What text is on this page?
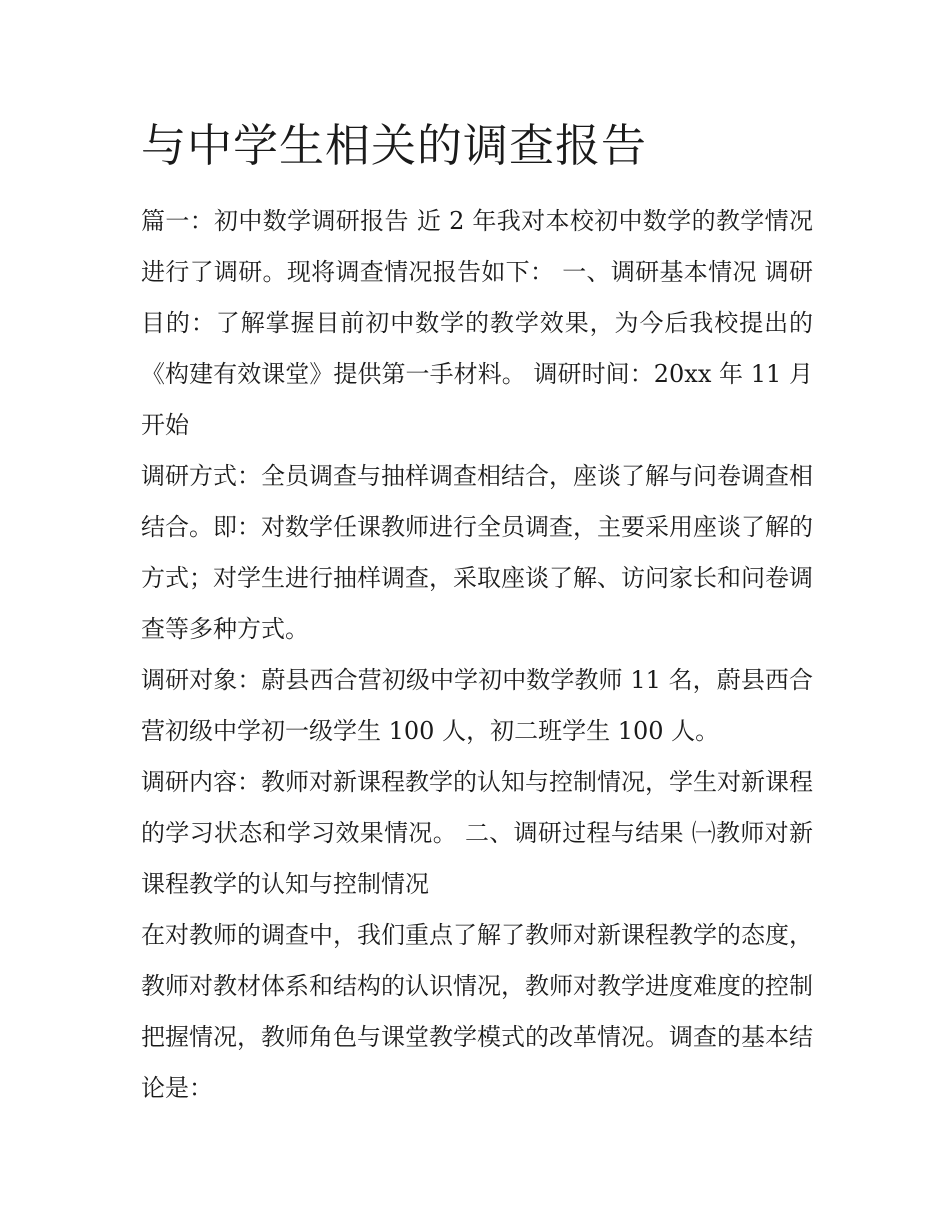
与中学生相关的调查报告

篇一：初中数学调研报告 近 2 年我对本校初中数学的教学情况进行了调研。现将调查情况报告如下： 一、调研基本情况 调研目的：了解掌握目前初中数学的教学效果，为今后我校提出的《构建有效课堂》提供第一手材料。 调研时间：20xx 年 11 月开始

调研方式：全员调查与抽样调查相结合，座谈了解与问卷调查相结合。即：对数学任课教师进行全员调查，主要采用座谈了解的方式；对学生进行抽样调查，采取座谈了解、访问家长和问卷调查等多种方式。

调研对象：蔚县西合营初级中学初中数学教师 11 名，蔚县西合营初级中学初一级学生 100 人，初二班学生 100 人。

调研内容：教师对新课程教学的认知与控制情况，学生对新课程的学习状态和学习效果情况。 二、调研过程与结果 ㈠教师对新课程教学的认知与控制情况

在对教师的调查中，我们重点了解了教师对新课程教学的态度，教师对教材体系和结构的认识情况，教师对教学进度难度的控制把握情况，教师角色与课堂教学模式的改革情况。调查的基本结论是：
